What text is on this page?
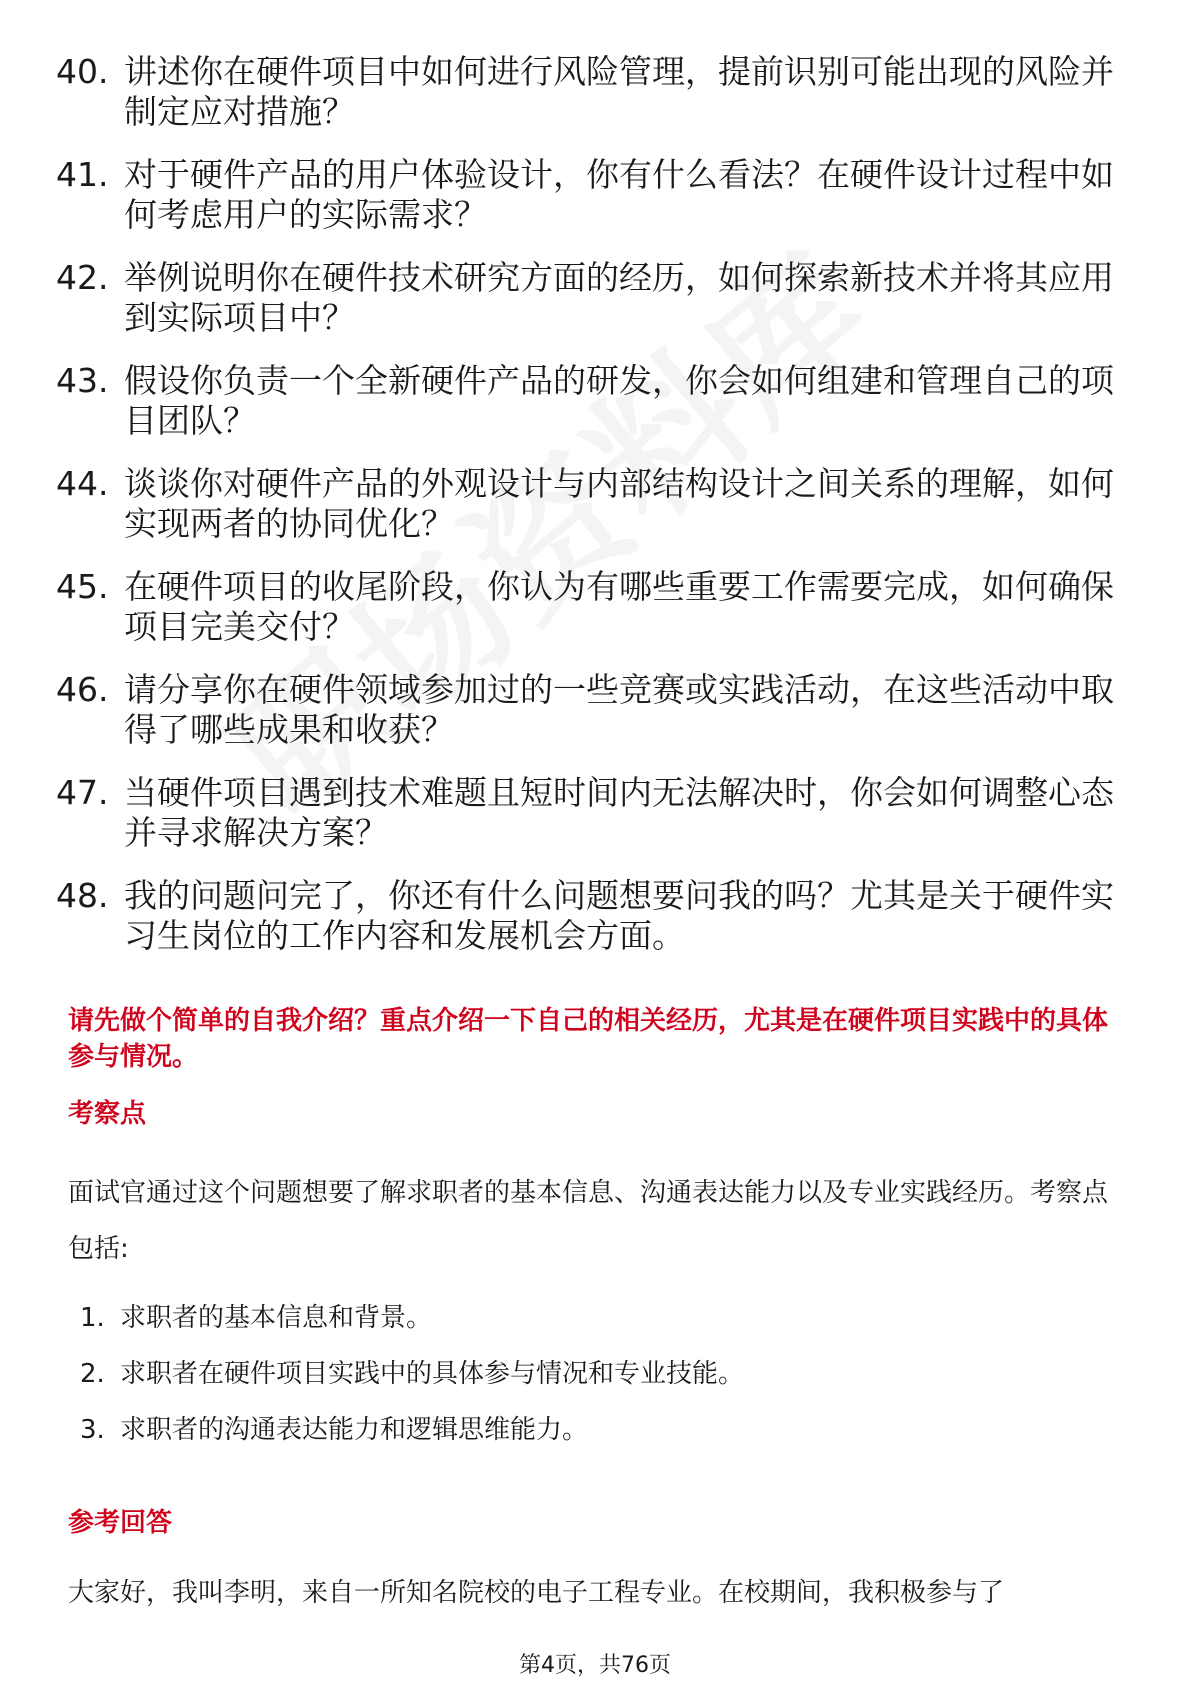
40. 讲述你在硬件项目中如何进行风险管理，提前识别可能出现的风险并制定应对措施？
41. 对于硬件产品的用户体验设计，你有什么看法？在硬件设计过程中如何考虑用户的实际需求？
42. 举例说明你在硬件技术研究方面的经历，如何探索新技术并将其应用到实际项目中？
43. 假设你负责一个全新硬件产品的研发，你会如何组建和管理自己的项目团队？
44. 谈谈你对硬件产品的外观设计与内部结构设计之间关系的理解，如何实现两者的协同优化？
45. 在硬件项目的收尾阶段，你认为有哪些重要工作需要完成，如何确保项目完美交付？
46. 请分享你在硬件领域参加过的一些竞赛或实践活动，在这些活动中取得了哪些成果和收获？
47. 当硬件项目遇到技术难题且短时间内无法解决时，你会如何调整心态并寻求解决方案？
48. 我的问题问完了，你还有什么问题想要问我的吗？尤其是关于硬件实习生岗位的工作内容和发展机会方面。

请先做个简单的自我介绍？重点介绍一下自己的相关经历，尤其是在硬件项目实践中的具体参与情况。

考察点

面试官通过这个问题想要了解求职者的基本信息、沟通表达能力以及专业实践经历。考察点包括:

1. 求职者的基本信息和背景。
2. 求职者在硬件项目实践中的具体参与情况和专业技能。
3. 求职者的沟通表达能力和逻辑思维能力。
参考回答

大家好，我叫李明，来自一所知名院校的电子工程专业。在校期间，我积极参与了

第4页，共76页
